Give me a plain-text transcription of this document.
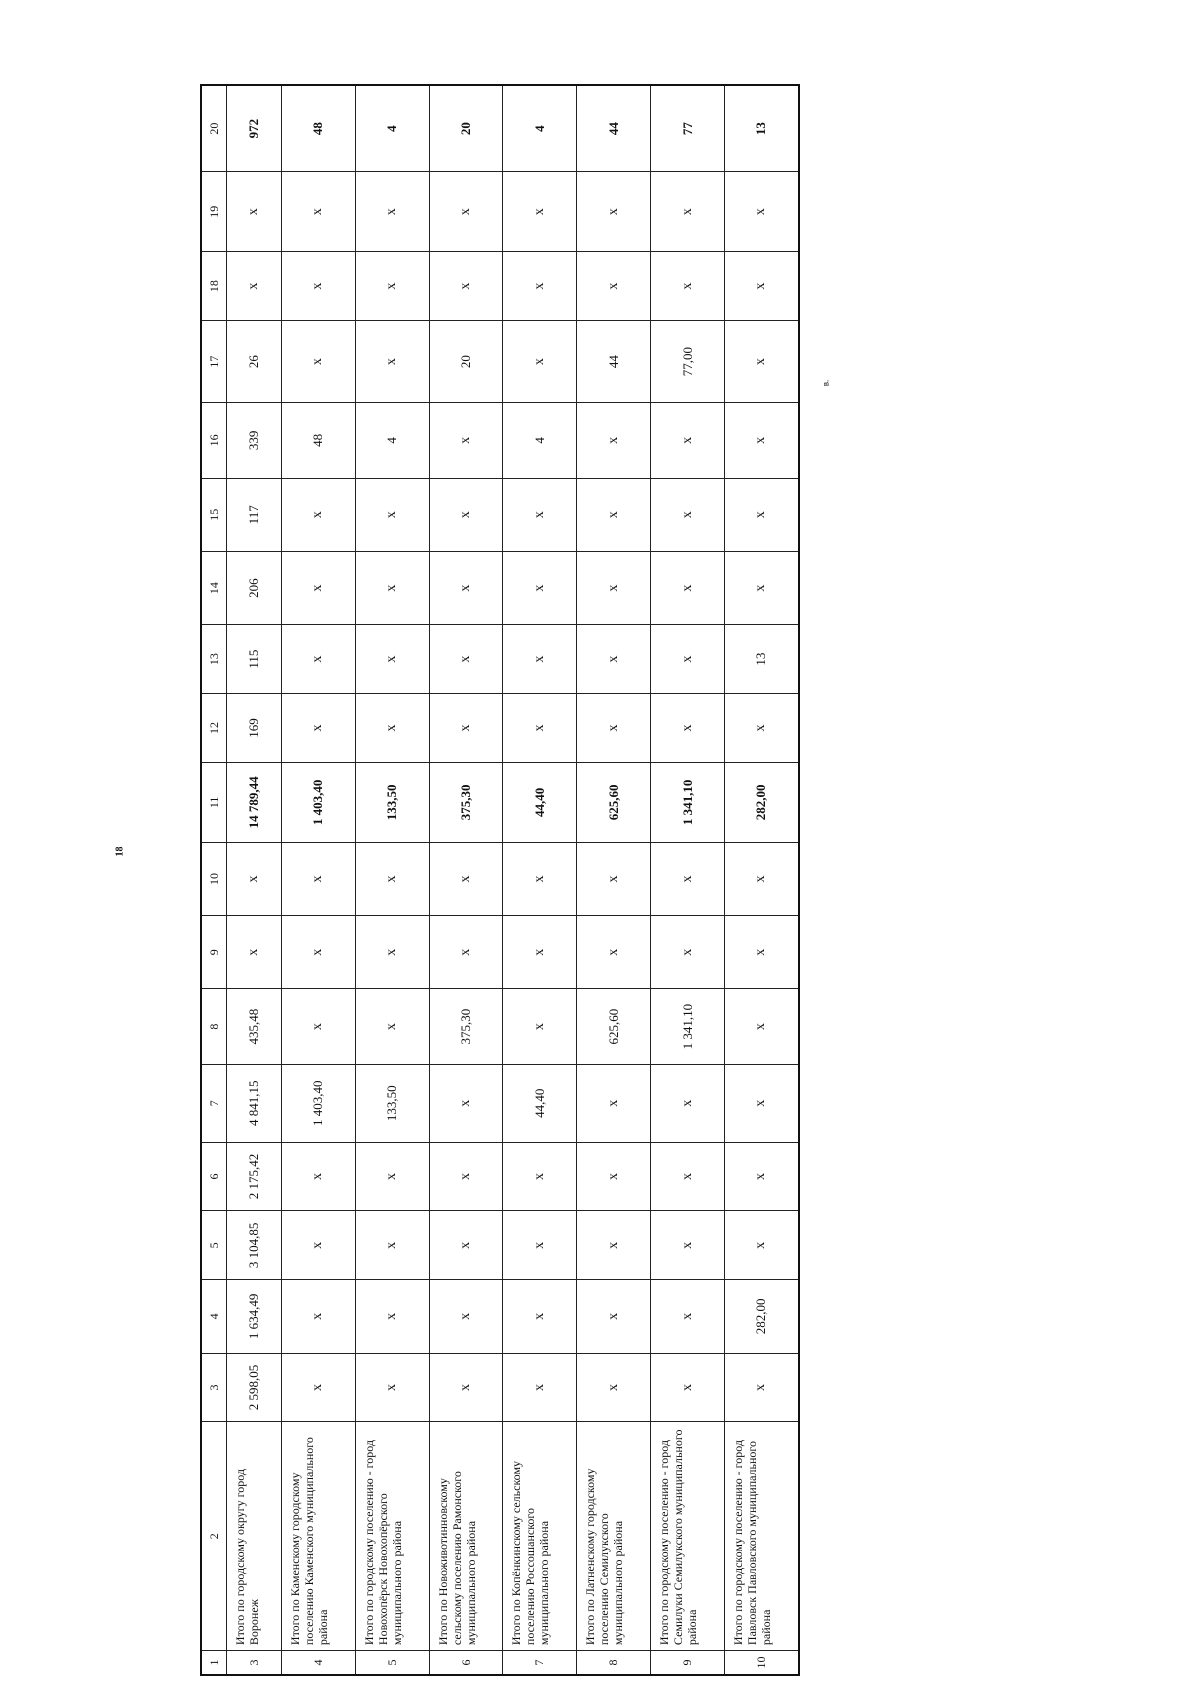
18
в.
1	2	3	4	5	6	7	8	9	10	11	12	13	14	15	16	17	18	19	20
3	Итого по городскому округу город Воронеж	2 598,05	1 634,49	3 104,85	2 175,42	4 841,15	435,48	x	x	14 789,44	169	115	206	117	339	26	x	x	972
4	Итого по Каменскому городскому поселению Каменского муниципального района	x	x	x	x	1 403,40	x	x	x	1 403,40	x	x	x	x	48	x	x	x	48
5	Итого по городскому поселению - город Новохопёрск Новохопёрского муниципального района	x	x	x	x	133,50	x	x	x	133,50	x	x	x	x	4	x	x	x	4
6	Итого по Новоживотинновскому сельскому поселению Рамонского муниципального района	x	x	x	x	x	375,30	x	x	375,30	x	x	x	x	x	20	x	x	20
7	Итого по Копёнкинскому сельскому поселению Россошанского муниципального района	x	x	x	x	44,40	x	x	x	44,40	x	x	x	x	4	x	x	x	4
8	Итого по Латненскому городскому поселению Семилукского муниципального района	x	x	x	x	x	625,60	x	x	625,60	x	x	x	x	x	44	x	x	44
9	Итого по городскому поселению - город Семилуки Семилукского муниципального района	x	x	x	x	x	1 341,10	x	x	1 341,10	x	x	x	x	x	77,00	x	x	77
10	Итого по городскому поселению - город Павловск Павловского муниципального района	x	282,00	x	x	x	x	x	x	282,00	x	13	x	x	x	x	x	x	13
